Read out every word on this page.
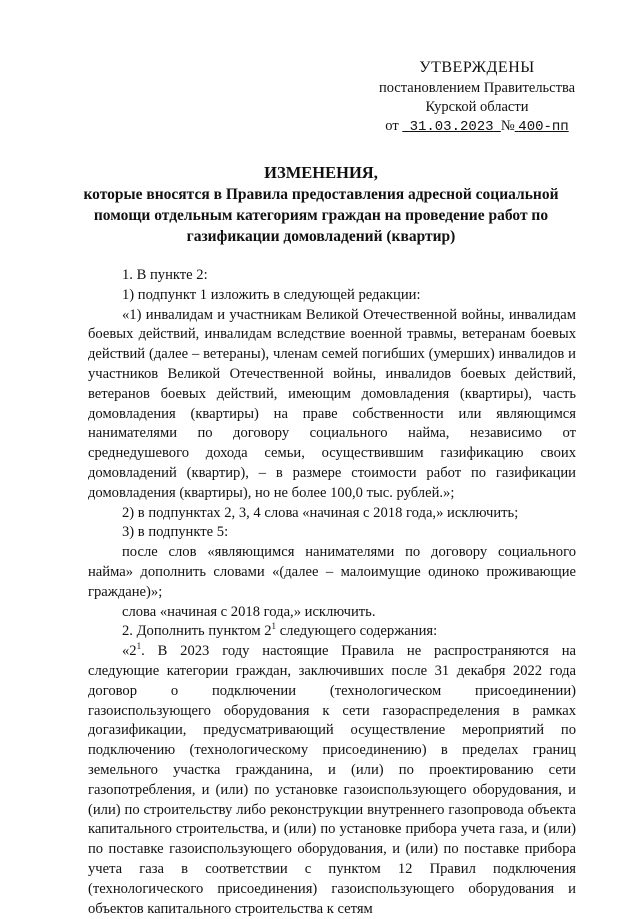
УТВЕРЖДЕНЫ
постановлением Правительства
Курской области
от 31.03.2023 № 400-пп
ИЗМЕНЕНИЯ,
которые вносятся в Правила предоставления адресной социальной помощи отдельным категориям граждан на проведение работ по газификации домовладений (квартир)

1. В пункте 2:

1) подпункт 1 изложить в следующей редакции:

«1) инвалидам и участникам Великой Отечественной войны, инвалидам боевых действий, инвалидам вследствие военной травмы, ветеранам боевых действий (далее – ветераны), членам семей погибших (умерших) инвалидов и участников Великой Отечественной войны, инвалидов боевых действий, ветеранов боевых действий, имеющим домовладения (квартиры), часть домовладения (квартиры) на праве собственности или являющимся нанимателями по договору социального найма, независимо от среднедушевого дохода семьи, осуществившим газификацию своих домовладений (квартир), – в размере стоимости работ по газификации домовладения (квартиры), но не более 100,0 тыс. рублей.»;

2) в подпунктах 2, 3, 4 слова «начиная с 2018 года,» исключить;

3) в подпункте 5:

после слов «являющимся нанимателями по договору социального найма» дополнить словами «(далее – малоимущие одиноко проживающие граждане)»;

слова «начиная с 2018 года,» исключить.

2. Дополнить пунктом $2^1$ следующего содержания:

«$2^1$. В 2023 году настоящие Правила не распространяются на следующие категории граждан, заключивших после 31 декабря 2022 года договор о подключении (технологическом присоединении) газоиспользующего оборудования к сети газораспределения в рамках догазификации, предусматривающий осуществление мероприятий по подключению (технологическому присоединению) в пределах границ земельного участка гражданина, и (или) по проектированию сети газопотребления, и (или) по установке газоиспользующего оборудования, и (или) по строительству либо реконструкции внутреннего газопровода объекта капитального строительства, и (или) по установке прибора учета газа, и (или) по поставке газоиспользующего оборудования, и (или) по поставке прибора учета газа в соответствии с пунктом 12 Правил подключения (технологического присоединения) газоиспользующего оборудования и объектов капитального строительства к сетям
